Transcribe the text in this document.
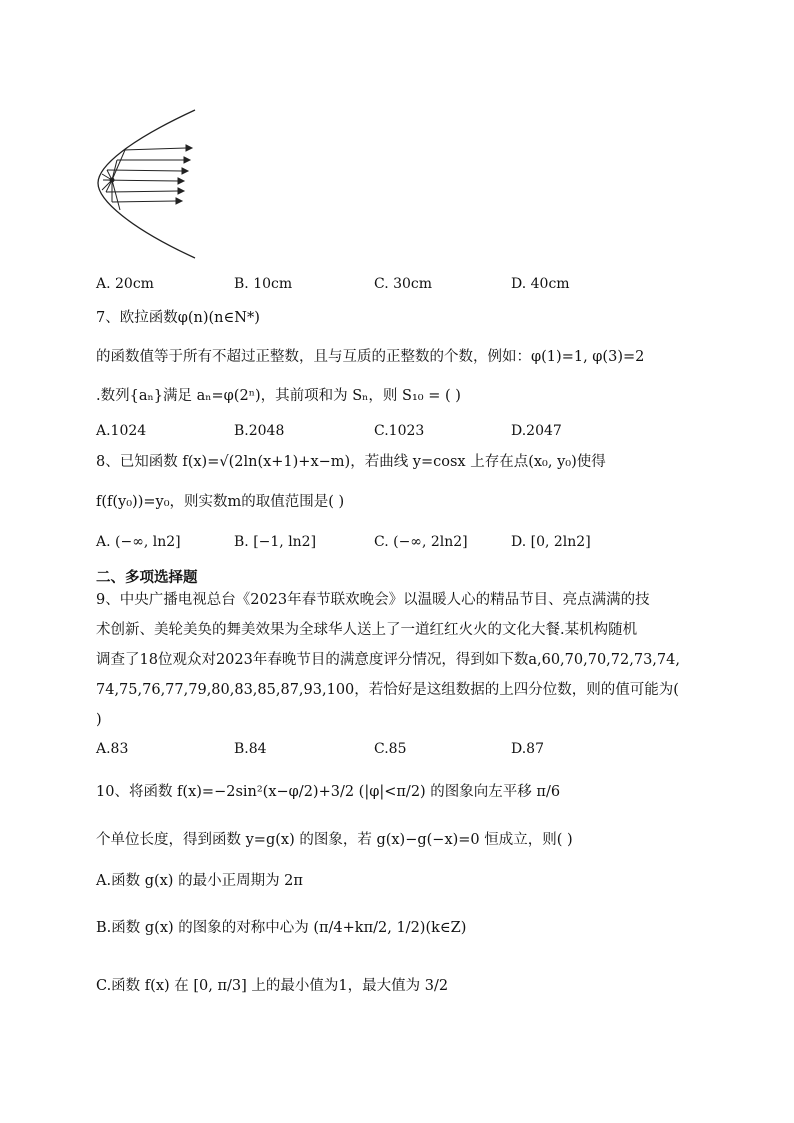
A. 20cm	B. 10cm	C. 30cm	D. 40cm
7、欧拉函数φ(n)(n∈N*)
的函数值等于所有不超过正整数，且与互质的正整数的个数，例如：φ(1)=1, φ(3)=2
.数列{aₙ}满足 aₙ=φ(2ⁿ)，其前项和为 Sₙ，则 S₁₀ = ( )
A.1024	B.2048	C.1023	D.2047
8、已知函数 f(x)=√(2ln(x+1)+x−m)，若曲线 y=cosx 上存在点(x₀, y₀)使得
f(f(y₀))=y₀，则实数m的取值范围是( )
A. (−∞, ln2]	B. [−1, ln2]	C. (−∞, 2ln2]	D. [0, 2ln2]
二、多项选择题
9、中央广播电视总台《2023年春节联欢晚会》以温暖人心的精品节目、亮点满满的技
术创新、美轮美奂的舞美效果为全球华人送上了一道红红火火的文化大餐.某机构随机
调查了18位观众对2023年春晚节目的满意度评分情况，得到如下数a,60,70,70,72,73,74,
74,75,76,77,79,80,83,85,87,93,100，若恰好是这组数据的上四分位数，则的值可能为(
)
A.83	B.84	C.85	D.87
10、将函数 f(x)=−2sin²(x−φ/2)+3/2 (|φ|<π/2) 的图象向左平移 π/6
个单位长度，得到函数 y=g(x) 的图象，若 g(x)−g(−x)=0 恒成立，则( )
A.函数 g(x) 的最小正周期为 2π
B.函数 g(x) 的图象的对称中心为 (π/4+kπ/2, 1/2)(k∈Z)
C.函数 f(x) 在 [0, π/3] 上的最小值为1，最大值为 3/2
